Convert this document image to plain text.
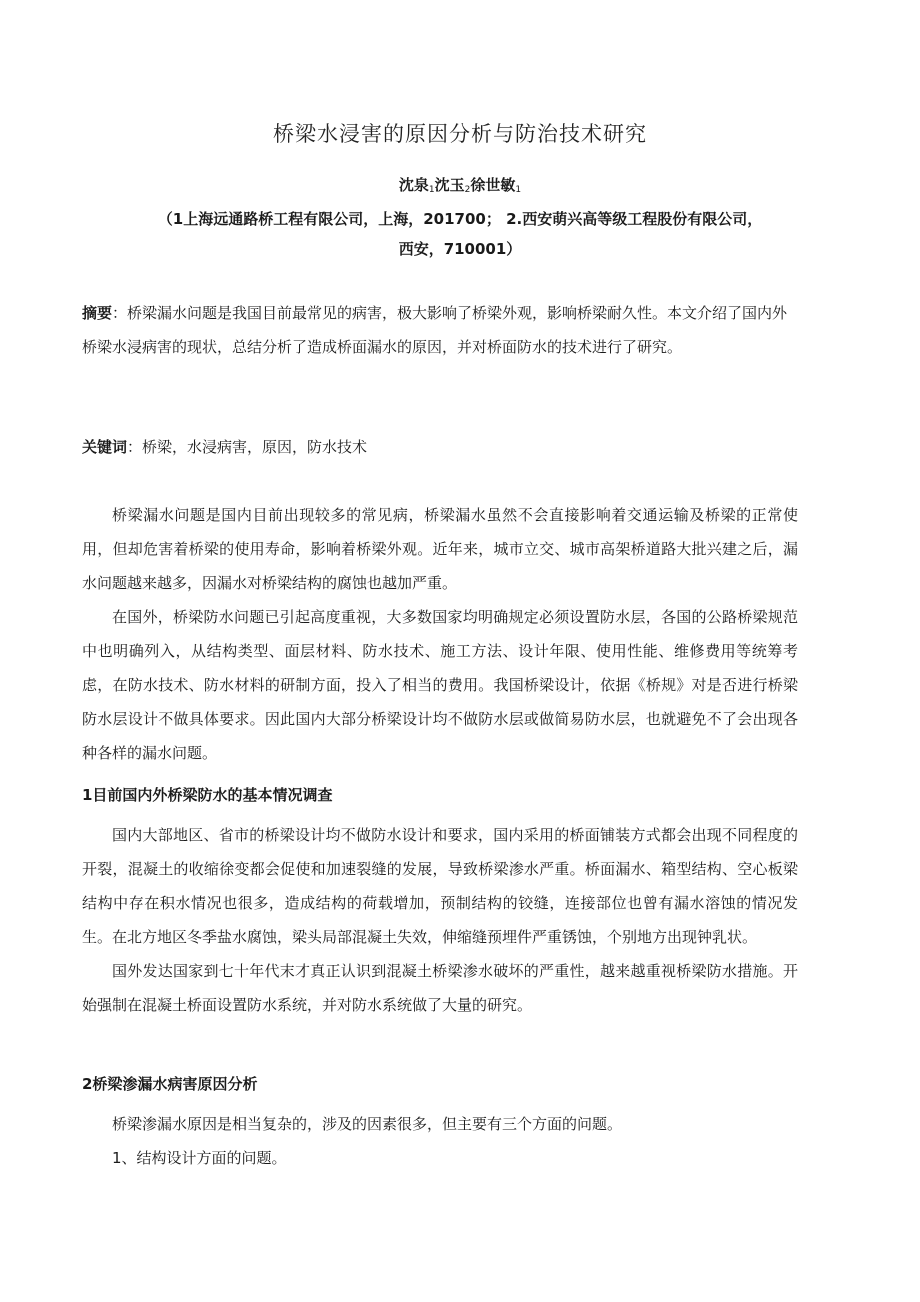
桥梁水浸害的原因分析与防治技术研究
沈泉$_1$沈玉$_2$徐世敏$_1$
（1上海远通路桥工程有限公司，上海，201700； 2.西安萌兴高等级工程股份有限公司，
西安，710001）
摘要：桥梁漏水问题是我国目前最常见的病害，极大影响了桥梁外观，影响桥梁耐久性。本文介绍了国内外桥梁水浸病害的现状，总结分析了造成桥面漏水的原因，并对桥面防水的技术进行了研究。
关键词：桥梁，水浸病害，原因，防水技术

桥梁漏水问题是国内目前出现较多的常见病，桥梁漏水虽然不会直接影响着交通运输及桥梁的正常使用，但却危害着桥梁的使用寿命，影响着桥梁外观。近年来，城市立交、城市高架桥道路大批兴建之后，漏水问题越来越多，因漏水对桥梁结构的腐蚀也越加严重。

在国外，桥梁防水问题已引起高度重视，大多数国家均明确规定必须设置防水层，各国的公路桥梁规范中也明确列入，从结构类型、面层材料、防水技术、施工方法、设计年限、使用性能、维修费用等统筹考虑，在防水技术、防水材料的研制方面，投入了相当的费用。我国桥梁设计，依据《桥规》对是否进行桥梁防水层设计不做具体要求。因此国内大部分桥梁设计均不做防水层或做简易防水层，也就避免不了会出现各种各样的漏水问题。

1目前国内外桥梁防水的基本情况调查

国内大部地区、省市的桥梁设计均不做防水设计和要求，国内采用的桥面铺装方式都会出现不同程度的开裂，混凝土的收缩徐变都会促使和加速裂缝的发展，导致桥梁渗水严重。桥面漏水、箱型结构、空心板梁结构中存在积水情况也很多，造成结构的荷载增加，预制结构的铰缝，连接部位也曾有漏水溶蚀的情况发生。在北方地区冬季盐水腐蚀，梁头局部混凝土失效，伸缩缝预埋件严重锈蚀，个别地方出现钟乳状。

国外发达国家到七十年代末才真正认识到混凝土桥梁渗水破坏的严重性，越来越重视桥梁防水措施。开始强制在混凝土桥面设置防水系统，并对防水系统做了大量的研究。

2桥梁渗漏水病害原因分析

桥梁渗漏水原因是相当复杂的，涉及的因素很多，但主要有三个方面的问题。

1、结构设计方面的问题。
